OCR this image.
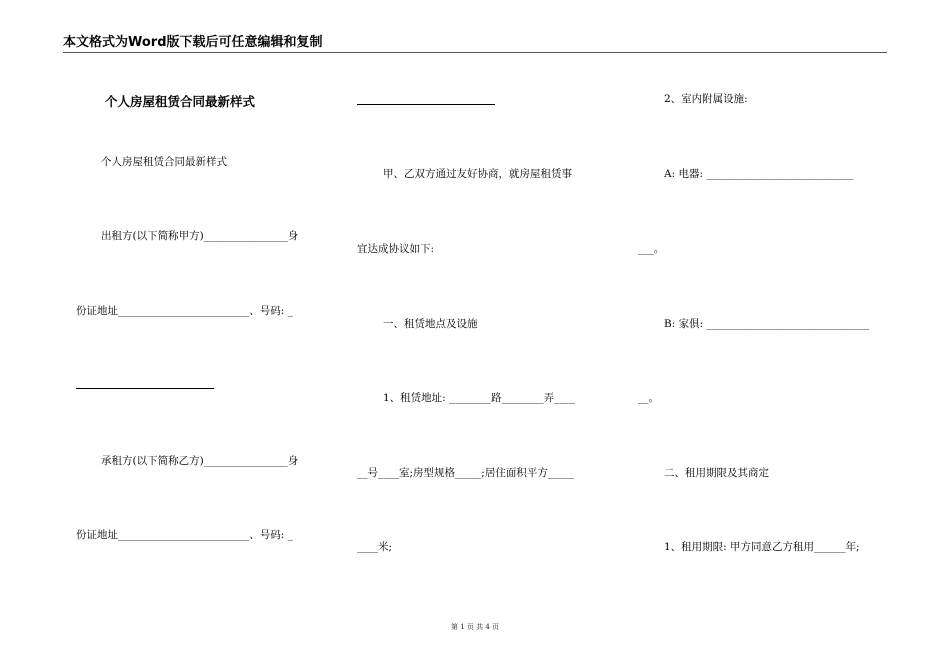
本文格式为Word版下载后可任意编辑和复制
个人房屋租赁合同最新样式
个人房屋租赁合同最新样式
出租方(以下简称甲方)________________身
份证地址_________________________、号码: _
承租方(以下简称乙方)________________身
份证地址_________________________、号码: _
甲、乙双方通过友好协商，就房屋租赁事
宜达成协议如下:
一、租赁地点及设施
1、租赁地址: ________路________弄____
__号____室;房型规格_____;居住面积平方_____
____米;
2、室内附属设施:
A: 电器: ____________________________
___。
B: 家俱: _______________________________
__。
二、租用期限及其商定
1、租用期限: 甲方同意乙方租用______年;
第 1 页 共 4 页
